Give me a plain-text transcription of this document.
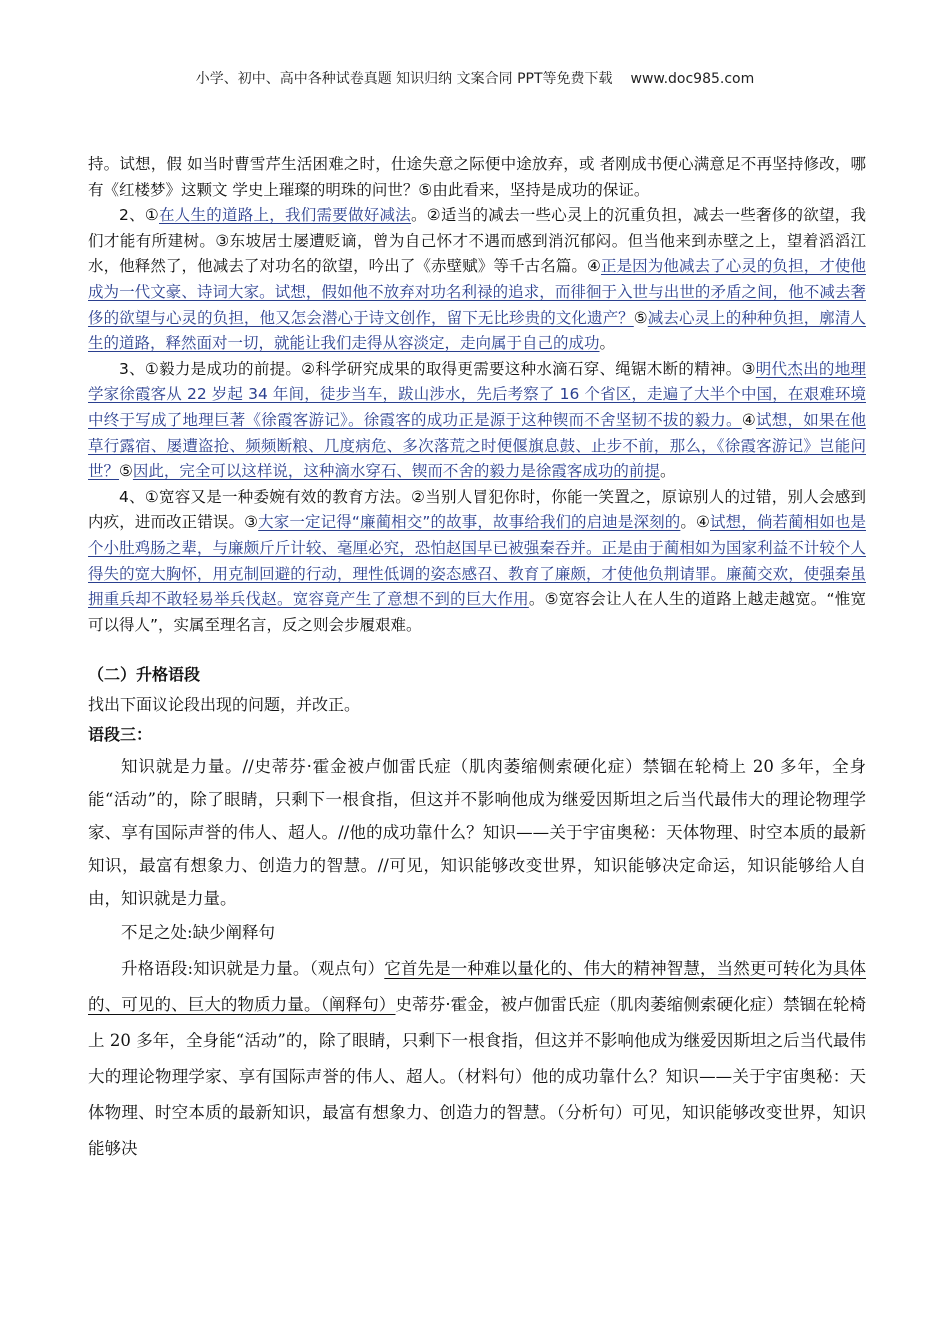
小学、初中、高中各种试卷真题 知识归纳 文案合同 PPT等免费下载 www.doc985.com

持。试想，假 如当时曹雪芹生活困难之时，仕途失意之际便中途放弃，或 者刚成书便心满意足不再坚持修改，哪有《红楼梦》这颗文 学史上璀璨的明珠的问世？⑤由此看来，坚持是成功的保证。

2、①在人生的道路上，我们需要做好减法。②适当的减去一些心灵上的沉重负担，减去一些奢侈的欲望，我们才能有所建树。③东坡居士屡遭贬谪，曾为自己怀才不遇而感到消沉郁闷。但当他来到赤壁之上，望着滔滔江水，他释然了，他减去了对功名的欲望，吟出了《赤壁赋》等千古名篇。④正是因为他减去了心灵的负担，才使他成为一代文豪、诗词大家。试想，假如他不放弃对功名利禄的追求，而徘徊于入世与出世的矛盾之间，他不减去奢侈的欲望与心灵的负担，他又怎会潜心于诗文创作，留下无比珍贵的文化遗产？⑤减去心灵上的种种负担，廓清人生的道路，释然面对一切，就能让我们走得从容淡定，走向属于自己的成功。

3、①毅力是成功的前提。②科学研究成果的取得更需要这种水滴石穿、绳锯木断的精神。③明代杰出的地理学家徐霞客从 22 岁起 34 年间，徒步当车，跋山涉水，先后考察了 16 个省区，走遍了大半个中国，在艰难环境中终于写成了地理巨著《徐霞客游记》。徐霞客的成功正是源于这种锲而不舍坚韧不拔的毅力。④试想，如果在他草行露宿、屡遭盗抢、频频断粮、几度病危、多次落荒之时便偃旗息鼓、止步不前，那么，《徐霞客游记》岂能问世？⑤因此，完全可以这样说，这种滴水穿石、锲而不舍的毅力是徐霞客成功的前提。

4、①宽容又是一种委婉有效的教育方法。②当别人冒犯你时，你能一笑置之，原谅别人的过错，别人会感到内疚，进而改正错误。③大家一定记得“廉蔺相交”的故事，故事给我们的启迪是深刻的。④试想，倘若蔺相如也是个小肚鸡肠之辈，与廉颇斤斤计较、毫厘必究，恐怕赵国早已被强秦吞并。正是由于蔺相如为国家利益不计较个人得失的宽大胸怀，用克制回避的行动，理性低调的姿态感召、教育了廉颇，才使他负荆请罪。廉蔺交欢，使强秦虽拥重兵却不敢轻易举兵伐赵。宽容竟产生了意想不到的巨大作用。⑤宽容会让人在人生的道路上越走越宽。“惟宽可以得人”，实属至理名言，反之则会步履艰难。

（二）升格语段

找出下面议论段出现的问题，并改正。

语段三：

知识就是力量。//史蒂芬·霍金被卢伽雷氏症（肌肉萎缩侧索硬化症）禁锢在轮椅上 20 多年，全身能“活动”的，除了眼睛，只剩下一根食指，但这并不影响他成为继爱因斯坦之后当代最伟大的理论物理学家、享有国际声誉的伟人、超人。//他的成功靠什么？知识——关于宇宙奥秘：天体物理、时空本质的最新知识，最富有想象力、创造力的智慧。//可见，知识能够改变世界，知识能够决定命运，知识能够给人自由，知识就是力量。

不足之处:缺少阐释句

升格语段:知识就是力量。（观点句）它首先是一种难以量化的、伟大的精神智慧，当然更可转化为具体的、可见的、巨大的物质力量。（阐释句）史蒂芬·霍金，被卢伽雷氏症（肌肉萎缩侧索硬化症）禁锢在轮椅上 20 多年，全身能“活动”的，除了眼睛，只剩下一根食指，但这并不影响他成为继爱因斯坦之后当代最伟大的理论物理学家、享有国际声誉的伟人、超人。（材料句）他的成功靠什么？知识——关于宇宙奥秘：天体物理、时空本质的最新知识，最富有想象力、创造力的智慧。（分析句）可见，知识能够改变世界，知识能够决
